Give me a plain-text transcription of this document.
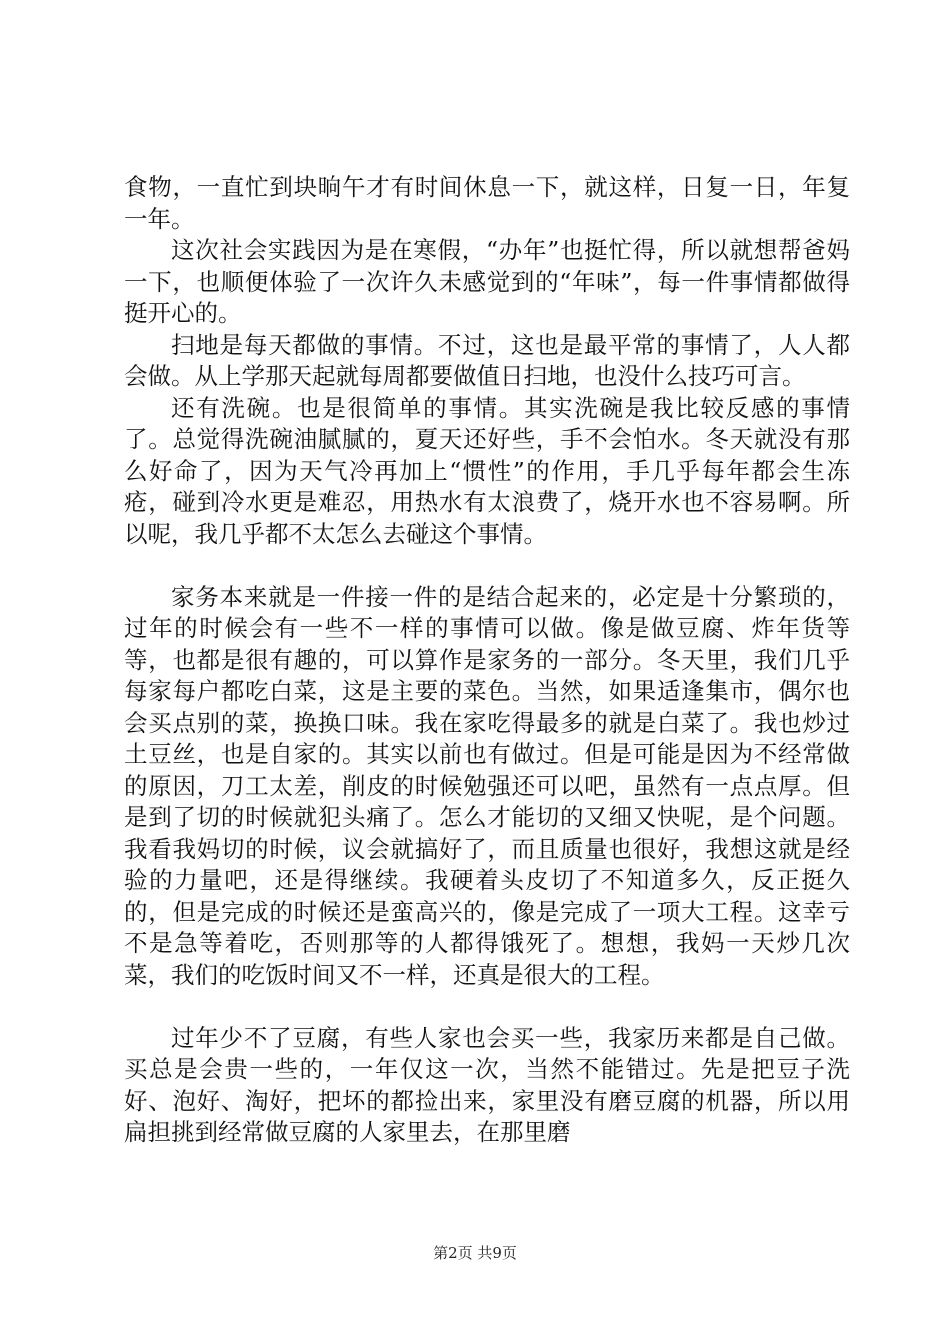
食物，一直忙到块晌午才有时间休息一下，就这样，日复一日，年复一年。

这次社会实践因为是在寒假，“办年”也挺忙得，所以就想帮爸妈一下，也顺便体验了一次许久未感觉到的“年味”，每一件事情都做得挺开心的。

扫地是每天都做的事情。不过，这也是最平常的事情了，人人都会做。从上学那天起就每周都要做值日扫地，也没什么技巧可言。

还有洗碗。也是很简单的事情。其实洗碗是我比较反感的事情了。总觉得洗碗油腻腻的，夏天还好些，手不会怕水。冬天就没有那么好命了，因为天气冷再加上“惯性”的作用，手几乎每年都会生冻疮，碰到冷水更是难忍，用热水有太浪费了，烧开水也不容易啊。所以呢，我几乎都不太怎么去碰这个事情。

家务本来就是一件接一件的是结合起来的，必定是十分繁琐的，过年的时候会有一些不一样的事情可以做。像是做豆腐、炸年货等等，也都是很有趣的，可以算作是家务的一部分。冬天里，我们几乎每家每户都吃白菜，这是主要的菜色。当然，如果适逢集市，偶尔也会买点别的菜，换换口味。我在家吃得最多的就是白菜了。我也炒过土豆丝，也是自家的。其实以前也有做过。但是可能是因为不经常做的原因，刀工太差，削皮的时候勉强还可以吧，虽然有一点点厚。但是到了切的时候就犯头痛了。怎么才能切的又细又快呢，是个问题。我看我妈切的时候，议会就搞好了，而且质量也很好，我想这就是经验的力量吧，还是得继续。我硬着头皮切了不知道多久，反正挺久的，但是完成的时候还是蛮高兴的，像是完成了一项大工程。这幸亏不是急等着吃，否则那等的人都得饿死了。想想，我妈一天炒几次菜，我们的吃饭时间又不一样，还真是很大的工程。

过年少不了豆腐，有些人家也会买一些，我家历来都是自己做。买总是会贵一些的，一年仅这一次，当然不能错过。先是把豆子洗好、泡好、淘好，把坏的都捡出来，家里没有磨豆腐的机器，所以用扁担挑到经常做豆腐的人家里去，在那里磨

第2页 共9页
